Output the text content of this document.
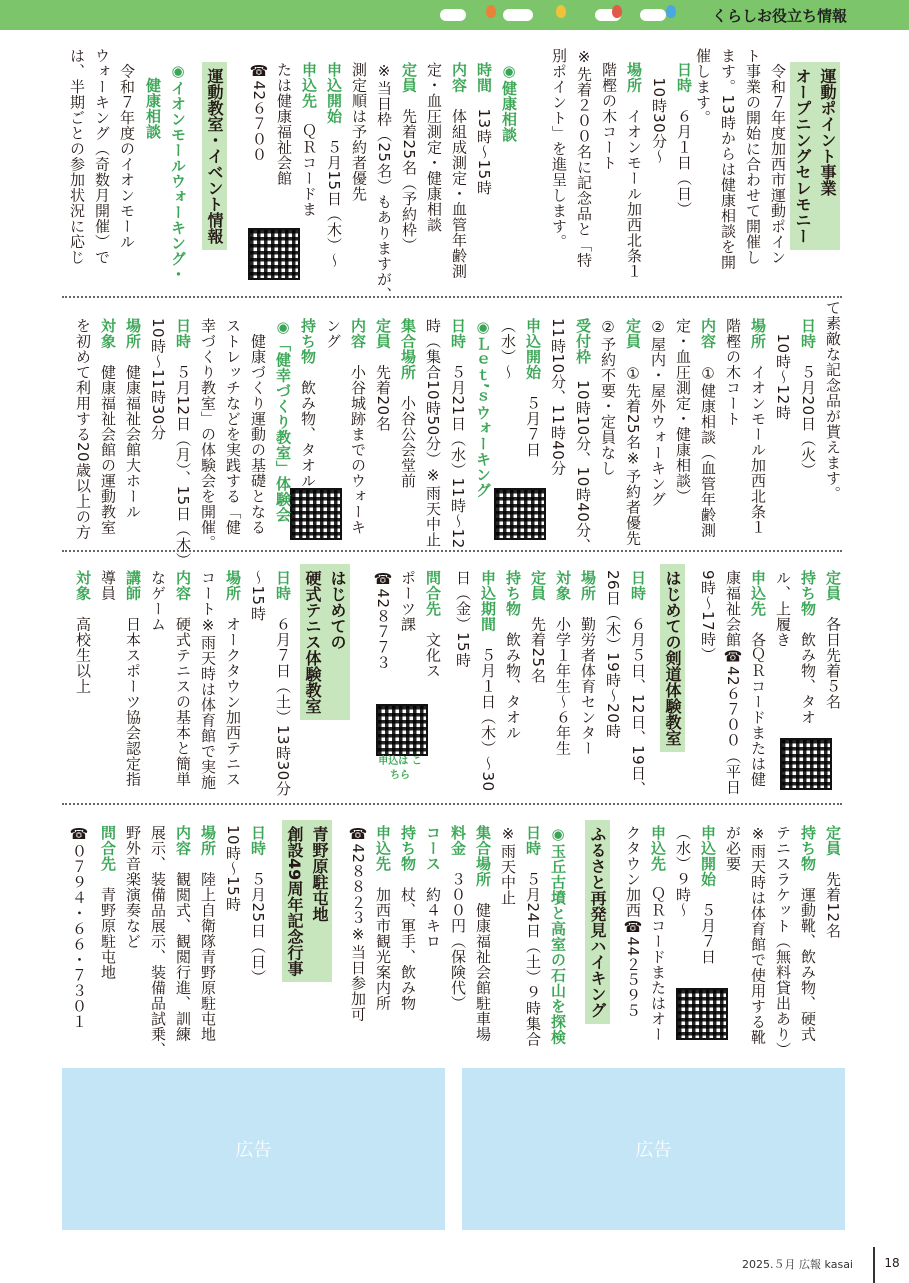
くらしお役立ち情報
運動ポイント事業
オープニングセレモニー
　令和７年度加西市運動ポイン
ト事業の開始に合わせて開催し
ます。13時からは健康相談を開
催します。
日時　６月１日（日）
　10時30分～
場所　イオンモール加西北条１
階樫の木コート
※先着２００名に記念品と「特
別ポイント」を進呈します。
◉健康相談
時間　13時～15時
内容　体組成測定・血管年齢測
定・血圧測定・健康相談
定員　先着25名（予約枠）
※当日枠（25名）もありますが、
測定順は予約者優先
申込開始　５月15日（木）～
申込先　ＱＲコードま
たは健康福祉会館
☎42６７００
運動教室・イベント情報
◉イオンモールウォーキング・
　健康相談
　令和７年度のイオンモール
ウォーキング（奇数月開催）で
は、半期ごとの参加状況に応じ
て素敵な記念品が貰えます。
日時　５月20日（火）
　10時～12時
場所　イオンモール加西北条１
階樫の木コート
内容　①健康相談（血管年齢測
定・血圧測定・健康相談）
②屋内・屋外ウォーキング
定員　①先着25名※予約者優先
②予約不要・定員なし
受付枠　10時10分、10時40分、
11時10分、11時40分
申込開始　５月７日
（水）～
◉Ｌｅｔ’ｓウォーキング
日時　５月21日（水）11時～12
時（集合10時50分）※雨天中止
集合場所　小谷公会堂前
定員　先着20名
内容　小谷城跡までのウォーキ
ング
持ち物　飲み物、タオル
◉「健幸づくり教室」体験会
　健康づくり運動の基礎となる
ストレッチなどを実践する「健
幸づくり教室」の体験会を開催。
日時　５月12日（月）、15日（木）
10時～11時30分
場所　健康福祉会館大ホール
対象　健康福祉会館の運動教室
を初めて利用する20歳以上の方
定員　各日先着５名
持ち物　飲み物、タオ
ル、上履き
申込先　各ＱＲコードまたは健
康福祉会館☎42６７００（平日
9時～17時）
はじめての剣道体験教室
日時　６月５日、12日、19日、
26日（木）19時～20時
場所　勤労者体育センター
対象　小学１年生～６年生
定員　先着25名
持ち物　飲み物、タオル
申込期間　５月１日（木）～30
日（金）15時
問合先　文化ス
ポーツ課
☎42８７７３
申込は こちら
はじめての
硬式テニス体験教室
日時　６月７日（土）13時30分
～15時
場所　オークタウン加西テニス
コート※雨天時は体育館で実施
内容　硬式テニスの基本と簡単
なゲーム
講師　日本スポーツ協会認定指
導員
対象　高校生以上
定員　先着12名
持ち物　運動靴、飲み物、硬式
テニスラケット（無料貸出あり）
※雨天時は体育館で使用する靴
が必要
申込開始　５月７日
（水）９時～
申込先　ＱＲコードまたはオー
クタウン加西☎44２５９５
ふるさと再発見ハイキング
◉玉丘古墳と高室の石山を探検
日時　５月24日（土）９時集合
※雨天中止
集合場所　健康福祉会館駐車場
料金　３００円（保険代）
コース　約４キロ
持ち物　杖、軍手、飲み物
申込先　加西市観光案内所
☎42８８２３※当日参加可
青野原駐屯地
創設49周年記念行事
日時　５月25日（日）
10時～15時
場所　陸上自衛隊青野原駐屯地
内容　観閲式、観閲行進、訓練
展示、装備品展示、装備品試乗、
野外音楽演奏など
問合先　青野原駐屯地
☎０７９４・６６・７３０１
広告	広告
2025.５月 広報 kasai	18
